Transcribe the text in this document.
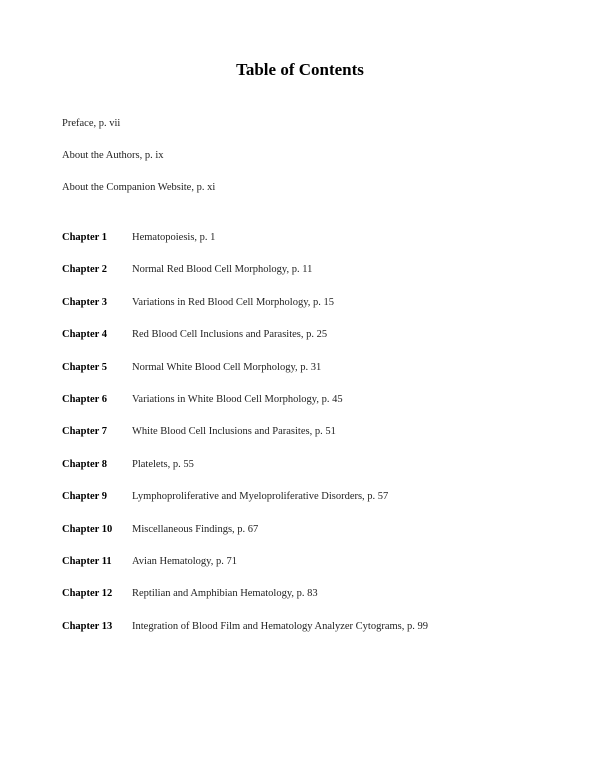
Table of Contents
Preface, p. vii
About the Authors, p. ix
About the Companion Website, p. xi
Chapter 1	Hematopoiesis, p. 1
Chapter 2	Normal Red Blood Cell Morphology, p. 11
Chapter 3	Variations in Red Blood Cell Morphology, p. 15
Chapter 4	Red Blood Cell Inclusions and Parasites, p. 25
Chapter 5	Normal White Blood Cell Morphology, p. 31
Chapter 6	Variations in White Blood Cell Morphology, p. 45
Chapter 7	White Blood Cell Inclusions and Parasites, p. 51
Chapter 8	Platelets, p. 55
Chapter 9	Lymphoproliferative and Myeloproliferative Disorders, p. 57
Chapter 10	Miscellaneous Findings, p. 67
Chapter 11	Avian Hematology, p. 71
Chapter 12	Reptilian and Amphibian Hematology, p. 83
Chapter 13	Integration of Blood Film and Hematology Analyzer Cytograms, p. 99
